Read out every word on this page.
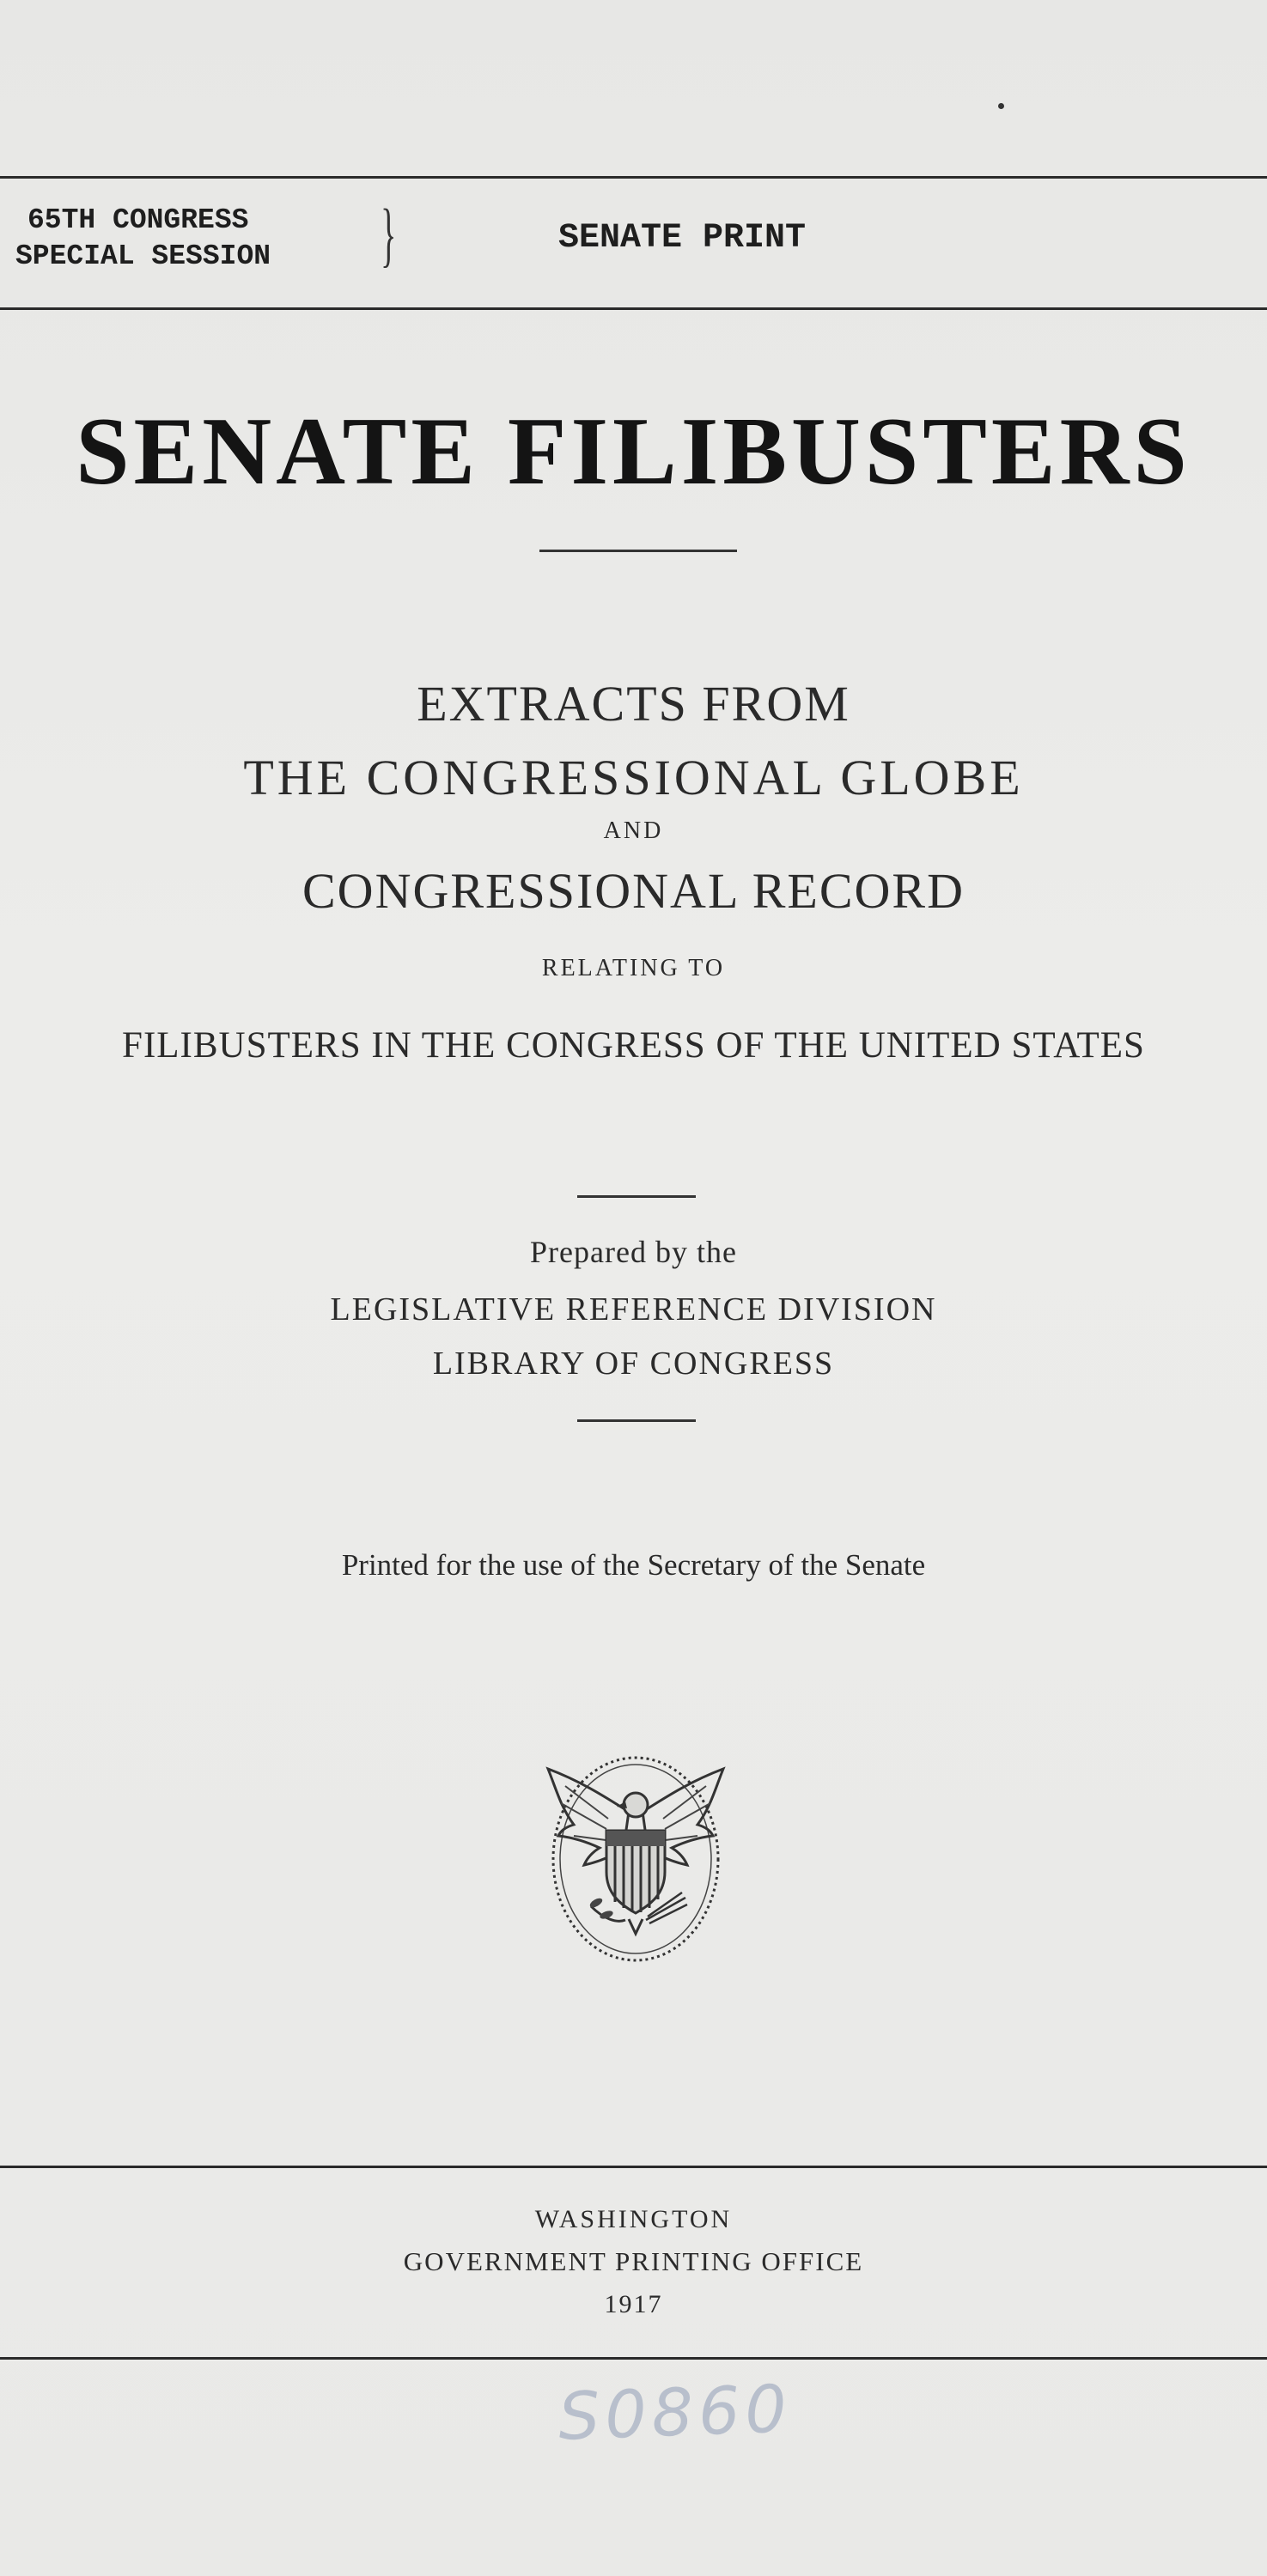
65TH CONGRESS
SPECIAL SESSION	}	SENATE PRINT
SENATE FILIBUSTERS
EXTRACTS FROM
THE CONGRESSIONAL GLOBE
AND
CONGRESSIONAL RECORD
RELATING TO
FILIBUSTERS IN THE CONGRESS OF THE UNITED STATES
Prepared by the
LEGISLATIVE REFERENCE DIVISION
LIBRARY OF CONGRESS
Printed for the use of the Secretary of the Senate
WASHINGTON
GOVERNMENT PRINTING OFFICE
1917
S0860
